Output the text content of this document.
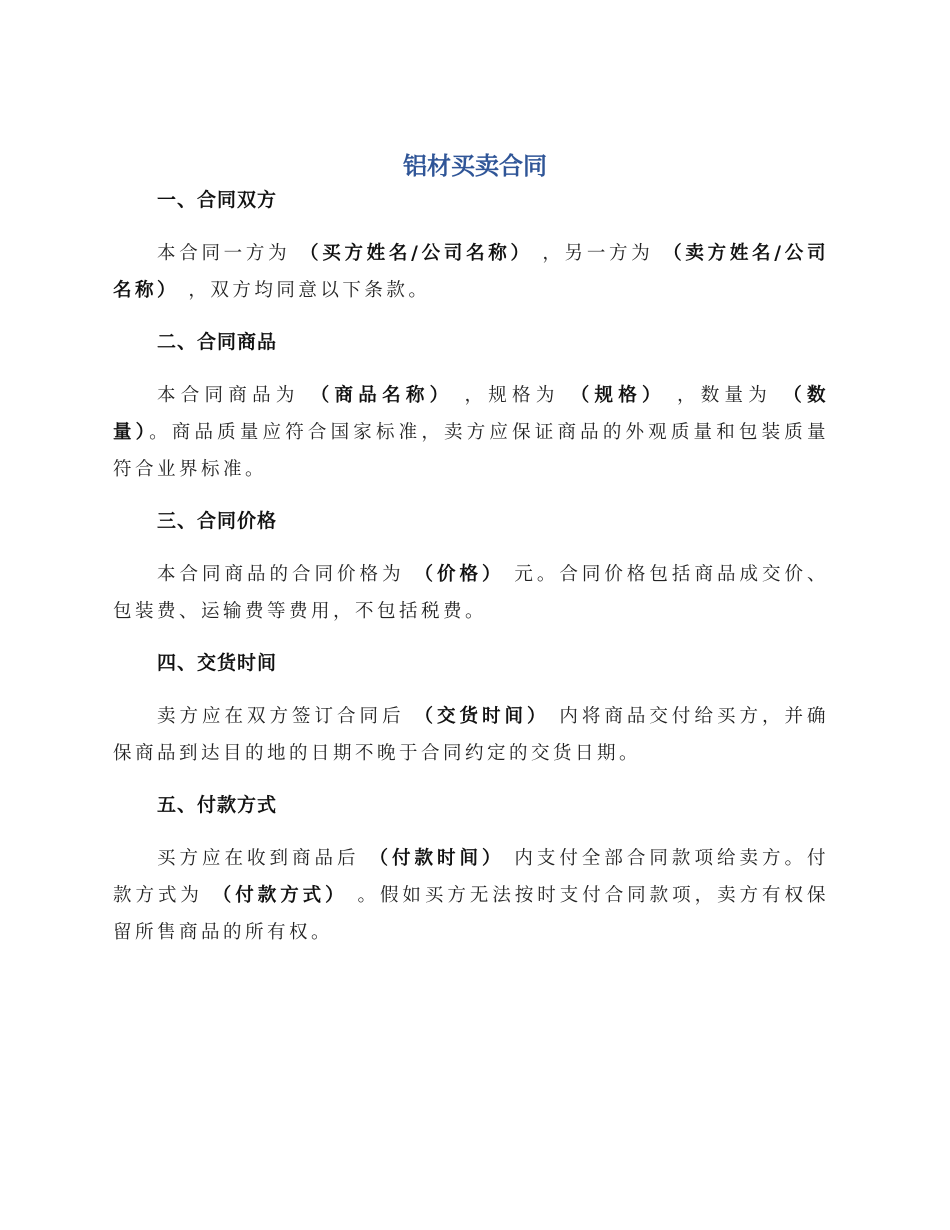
铝材买卖合同
一、合同双方
本合同一方为 （买方姓名/公司名称） ，另一方为 （卖方姓名/公司名称） ，双方均同意以下条款。
二、合同商品
本合同商品为 （商品名称） ，规格为 （规格） ，数量为 （数量）。商品质量应符合国家标准，卖方应保证商品的外观质量和包装质量符合业界标准。
三、合同价格
本合同商品的合同价格为 （价格） 元。合同价格包括商品成交价、包装费、运输费等费用，不包括税费。
四、交货时间
卖方应在双方签订合同后 （交货时间） 内将商品交付给买方，并确保商品到达目的地的日期不晚于合同约定的交货日期。
五、付款方式
买方应在收到商品后 （付款时间） 内支付全部合同款项给卖方。付款方式为 （付款方式） 。假如买方无法按时支付合同款项，卖方有权保留所售商品的所有权。
